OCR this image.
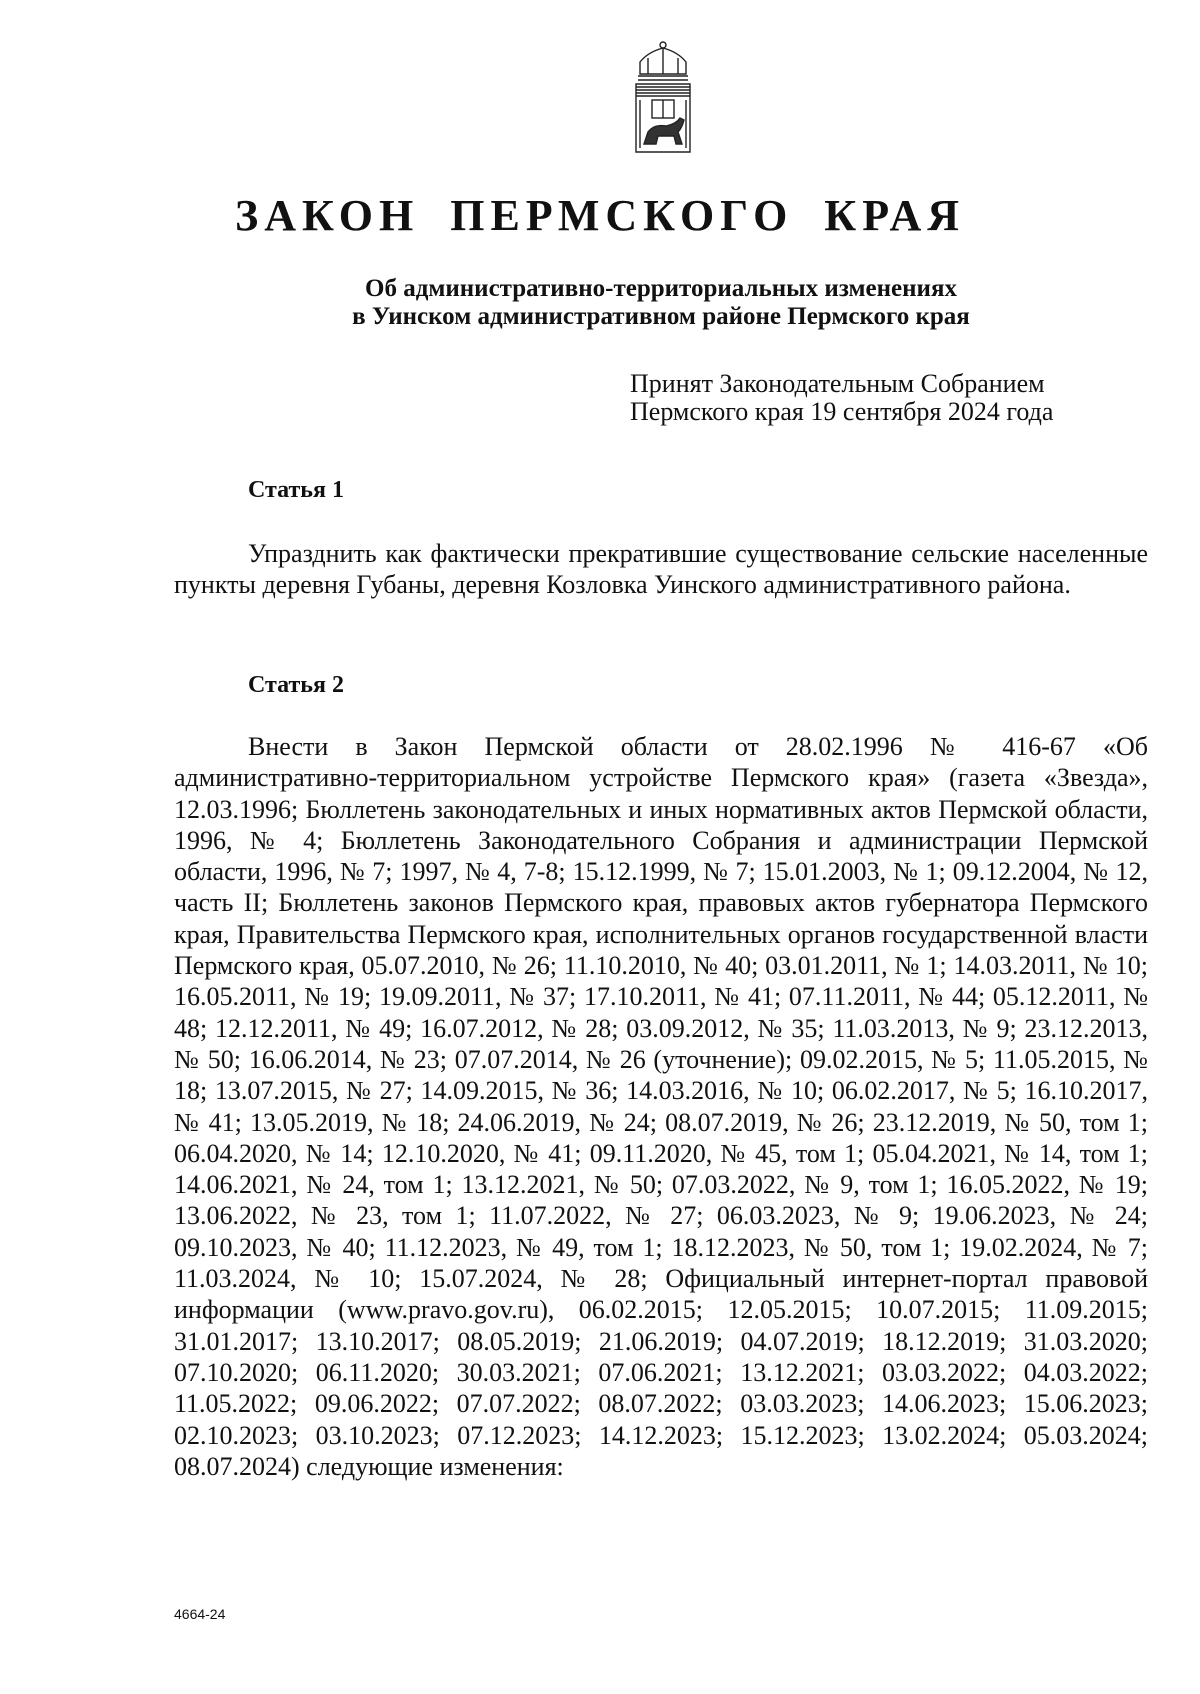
ЗАКОН ПЕРМСКОГО КРАЯ
Об административно-территориальных изменениях
в Уинском административном районе Пермского края
Принят Законодательным Собранием
Пермского края 19 сентября 2024 года
Статья 1
Упразднить как фактически прекратившие существование сельские населенные пункты деревня Губаны, деревня Козловка Уинского административного района.
Статья 2
Внести в Закон Пермской области от 28.02.1996 № 416-67 «Об административно-территориальном устройстве Пермского края» (газета «Звезда», 12.03.1996; Бюллетень законодательных и иных нормативных актов Пермской области, 1996, № 4; Бюллетень Законодательного Собрания и администрации Пермской области, 1996, № 7; 1997, № 4, 7-8; 15.12.1999, № 7; 15.01.2003, № 1; 09.12.2004, № 12, часть II; Бюллетень законов Пермского края, правовых актов губернатора Пермского края, Правительства Пермского края, исполнительных органов государственной власти Пермского края, 05.07.2010, № 26; 11.10.2010, № 40; 03.01.2011, № 1; 14.03.2011, № 10; 16.05.2011, № 19; 19.09.2011, № 37; 17.10.2011, № 41; 07.11.2011, № 44; 05.12.2011, № 48; 12.12.2011, № 49; 16.07.2012, № 28; 03.09.2012, № 35; 11.03.2013, № 9; 23.12.2013, № 50; 16.06.2014, № 23; 07.07.2014, № 26 (уточнение); 09.02.2015, № 5; 11.05.2015, № 18; 13.07.2015, № 27; 14.09.2015, № 36; 14.03.2016, № 10; 06.02.2017, № 5; 16.10.2017, № 41; 13.05.2019, № 18; 24.06.2019, № 24; 08.07.2019, № 26; 23.12.2019, № 50, том 1; 06.04.2020, № 14; 12.10.2020, № 41; 09.11.2020, № 45, том 1; 05.04.2021, № 14, том 1; 14.06.2021, № 24, том 1; 13.12.2021, № 50; 07.03.2022, № 9, том 1; 16.05.2022, № 19; 13.06.2022, № 23, том 1; 11.07.2022, № 27; 06.03.2023, № 9; 19.06.2023, № 24; 09.10.2023, № 40; 11.12.2023, № 49, том 1; 18.12.2023, № 50, том 1; 19.02.2024, № 7; 11.03.2024, № 10; 15.07.2024, № 28; Официальный интернет-портал правовой информации (www.pravo.gov.ru), 06.02.2015; 12.05.2015; 10.07.2015; 11.09.2015; 31.01.2017; 13.10.2017; 08.05.2019; 21.06.2019; 04.07.2019; 18.12.2019; 31.03.2020; 07.10.2020; 06.11.2020; 30.03.2021; 07.06.2021; 13.12.2021; 03.03.2022; 04.03.2022; 11.05.2022; 09.06.2022; 07.07.2022; 08.07.2022; 03.03.2023; 14.06.2023; 15.06.2023; 02.10.2023; 03.10.2023; 07.12.2023; 14.12.2023; 15.12.2023; 13.02.2024; 05.03.2024; 08.07.2024) следующие изменения:
4664-24
